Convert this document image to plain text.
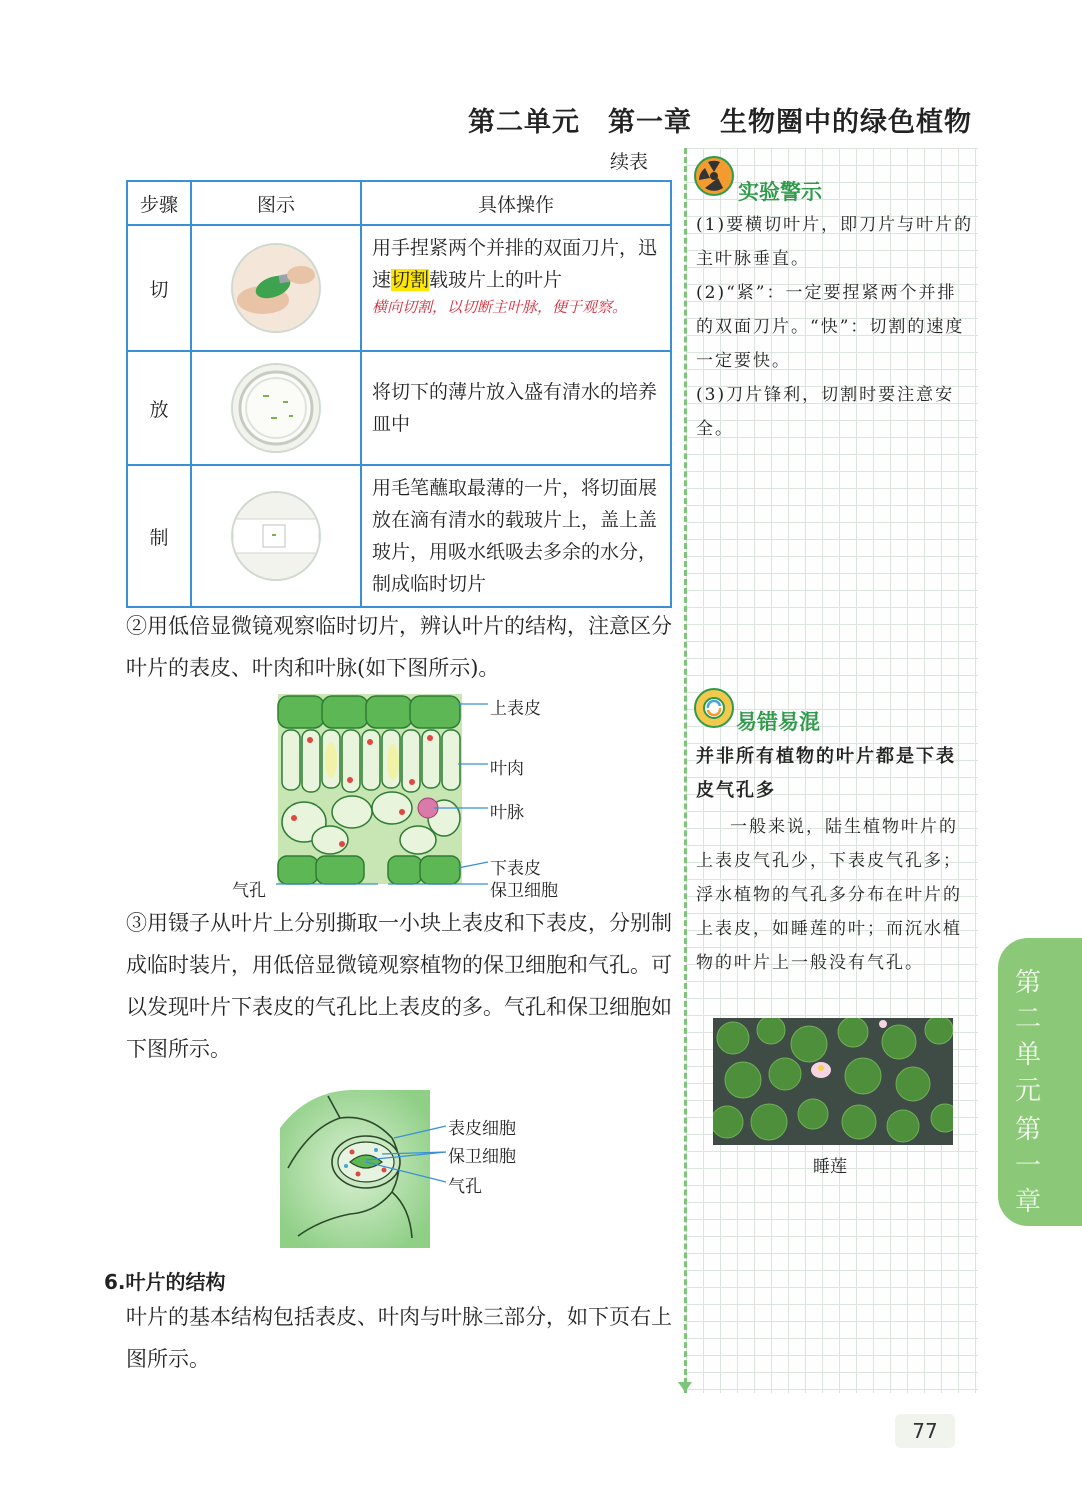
第二单元　第一章　生物圈中的绿色植物
续表
步骤	图示	具体操作
切		用手捏紧两个并排的双面刀片，迅速切割载玻片上的叶片
横向切割，以切断主叶脉，便于观察。

放		将切下的薄片放入盛有清水的培养皿中
制		用毛笔蘸取最薄的一片，将切面展放在滴有清水的载玻片上，盖上盖玻片，用吸水纸吸去多余的水分，制成临时切片
②用低倍显微镜观察临时切片，辨认叶片的结构，注意区分叶片的表皮、叶肉和叶脉(如下图所示)。
上表皮
叶肉
叶脉
下表皮
保卫细胞
气孔
③用镊子从叶片上分别撕取一小块上表皮和下表皮，分别制成临时装片，用低倍显微镜观察植物的保卫细胞和气孔。可以发现叶片下表皮的气孔比上表皮的多。气孔和保卫细胞如下图所示。
表皮细胞
保卫细胞
气孔
6.叶片的结构
叶片的基本结构包括表皮、叶肉与叶脉三部分，如下页右上图所示。
实验警示
(1)要横切叶片，即刀片与叶片的主叶脉垂直。
(2)“紧”：一定要捏紧两个并排的双面刀片。“快”：切割的速度一定要快。
(3)刀片锋利，切割时要注意安全。
易错易混
并非所有植物的叶片都是下表皮气孔多
一般来说，陆生植物叶片的上表皮气孔少，下表皮气孔多；浮水植物的气孔多分布在叶片的上表皮，如睡莲的叶；而沉水植物的叶片上一般没有气孔。
睡莲
第二单元
第一章
77
